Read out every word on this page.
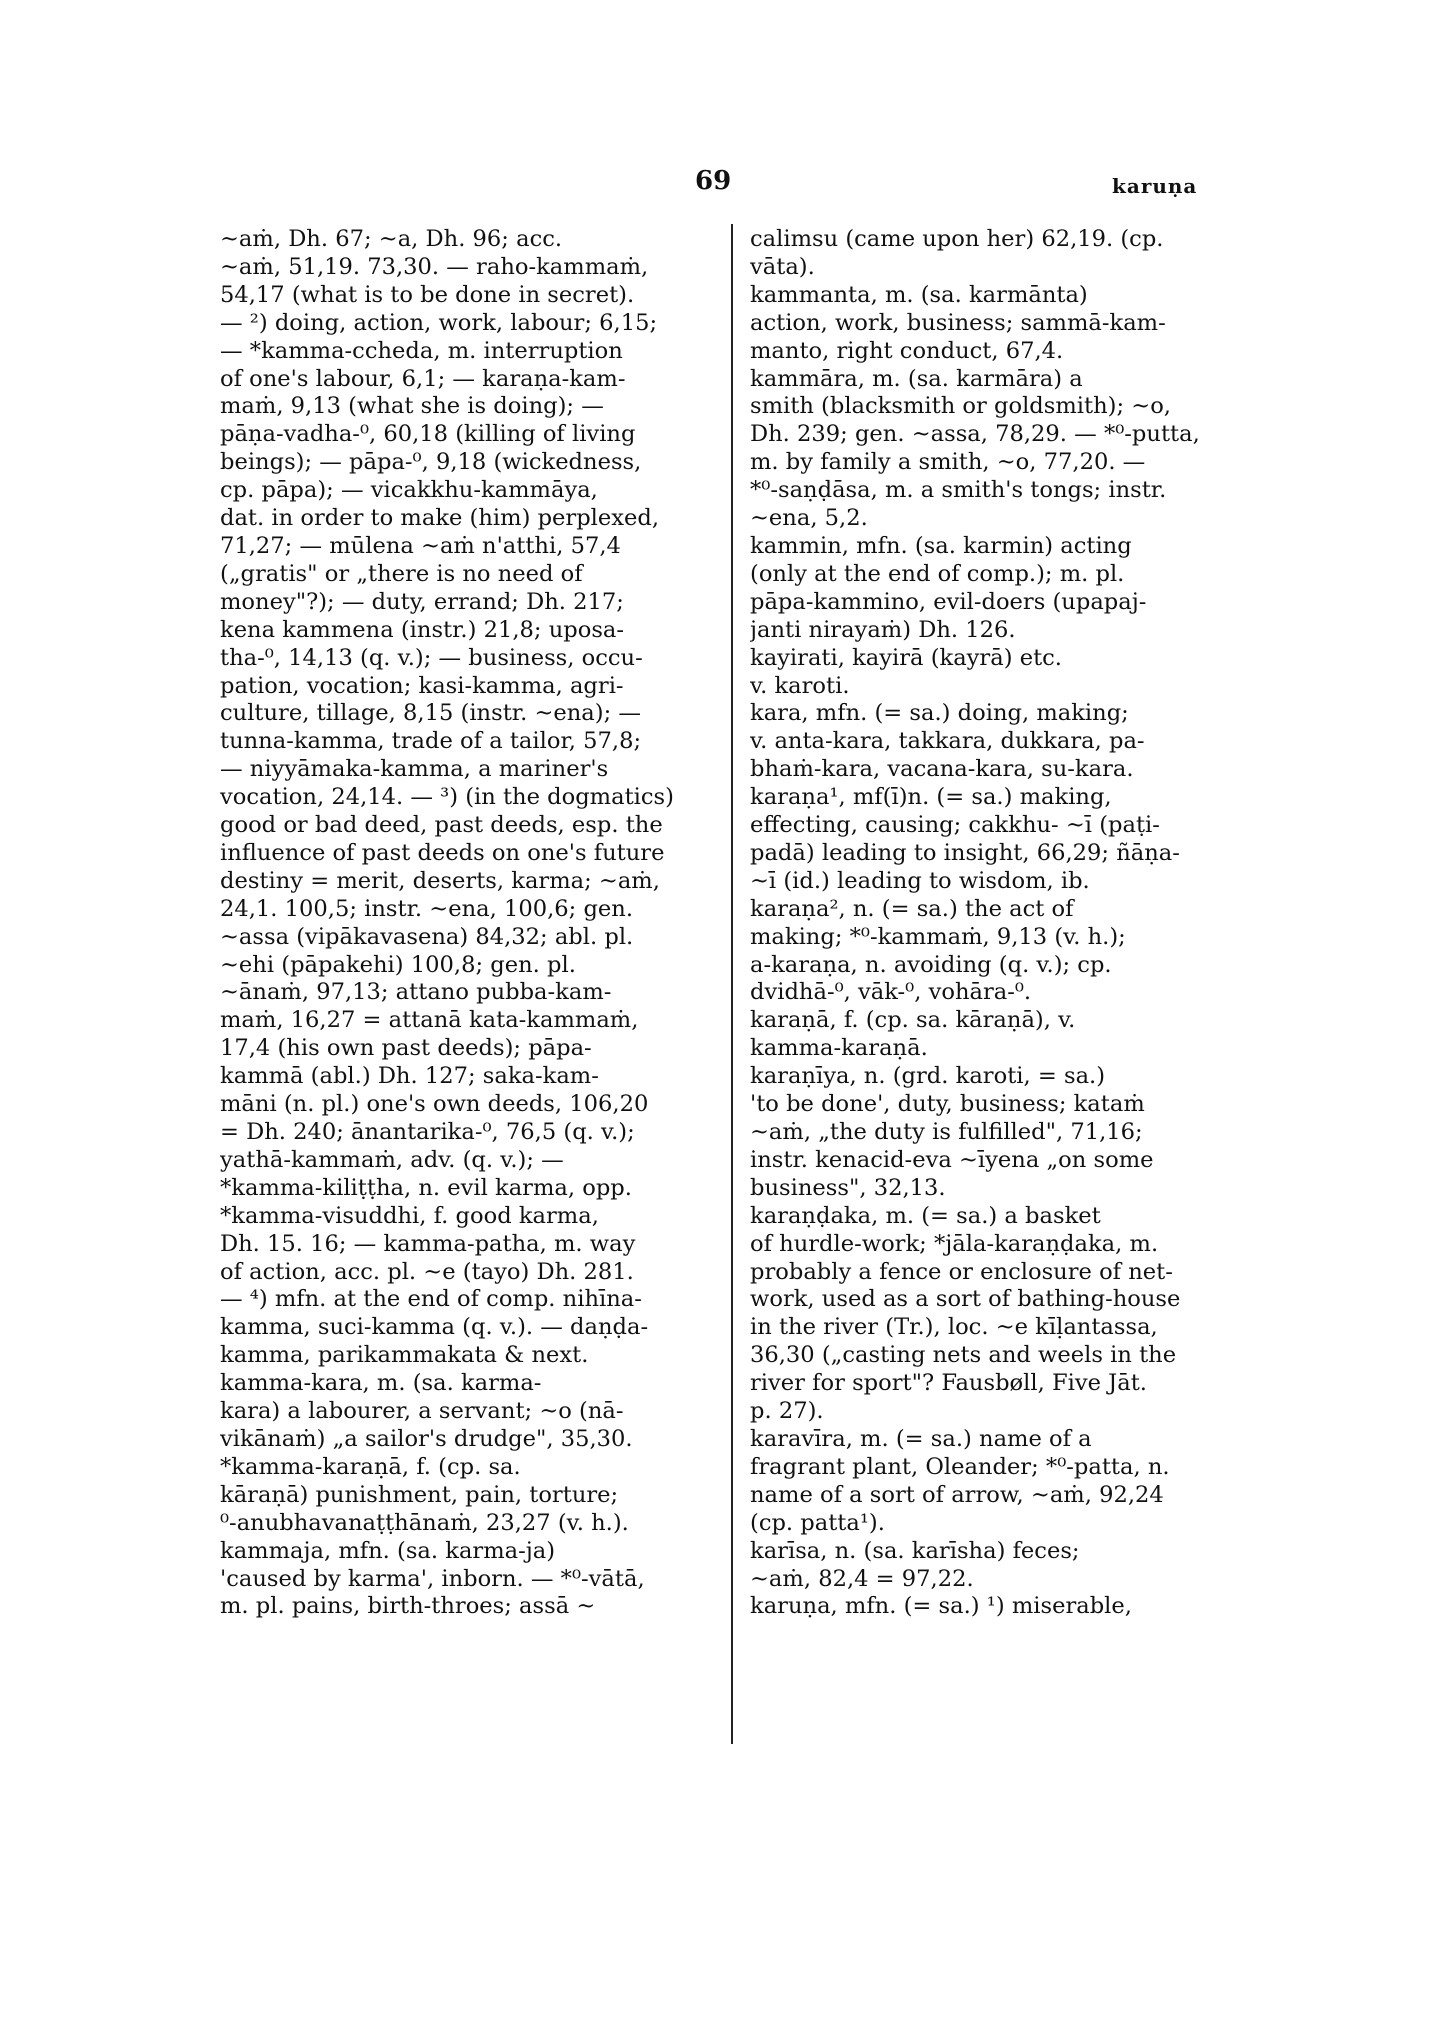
69	karuṇa
~aṁ, Dh. 67; ~a, Dh. 96; acc.
~aṁ, 51,19. 73,30. — raho-kammaṁ,
54,17 (what is to be done in secret).
— ²) doing, action, work, labour; 6,15;
— *kamma-ccheda, m. interruption
of one's labour, 6,1; — karaṇa-kam-
maṁ, 9,13 (what she is doing); —
pāṇa-vadha-⁰, 60,18 (killing of living
beings); — pāpa-⁰, 9,18 (wickedness,
cp. pāpa); — vicakkhu-kammāya,
dat. in order to make (him) perplexed,
71,27; — mūlena ~aṁ n'atthi, 57,4
(„gratis" or „there is no need of
money"?); — duty, errand; Dh. 217;
kena kammena (instr.) 21,8; uposa-
tha-⁰, 14,13 (q. v.); — business, occu-
pation, vocation; kasi-kamma, agri-
culture, tillage, 8,15 (instr. ~ena); —
tunna-kamma, trade of a tailor, 57,8;
— niyyāmaka-kamma, a mariner's
vocation, 24,14. — ³) (in the dogmatics)
good or bad deed, past deeds, esp. the
influence of past deeds on one's future
destiny = merit, deserts, karma; ~aṁ,
24,1. 100,5; instr. ~ena, 100,6; gen.
~assa (vipākavasena) 84,32; abl. pl.
~ehi (pāpakehi) 100,8; gen. pl.
~ānaṁ, 97,13; attano pubba-kam-
maṁ, 16,27 = attanā kata-kammaṁ,
17,4 (his own past deeds); pāpa-
kammā (abl.) Dh. 127; saka-kam-
māni (n. pl.) one's own deeds, 106,20
= Dh. 240; ānantarika-⁰, 76,5 (q. v.);
yathā-kammaṁ, adv. (q. v.); —
*kamma-kiliṭṭha, n. evil karma, opp.
*kamma-visuddhi, f. good karma,
Dh. 15. 16; — kamma-patha, m. way
of action, acc. pl. ~e (tayo) Dh. 281.
— ⁴) mfn. at the end of comp. nihīna-
kamma, suci-kamma (q. v.). — daṇḍa-
kamma, parikammakata & next.
kamma-kara, m. (sa. karma-
kara) a labourer, a servant; ~o (nā-
vikānaṁ) „a sailor's drudge", 35,30.
*kamma-karaṇā, f. (cp. sa.
kāraṇā) punishment, pain, torture;
⁰-anubhavanaṭṭhānaṁ, 23,27 (v. h.).
kammaja, mfn. (sa. karma-ja)
'caused by karma', inborn. — *⁰-vātā,
m. pl. pains, birth-throes; assā ~
calimsu (came upon her) 62,19. (cp.
vāta).
kammanta, m. (sa. karmānta)
action, work, business; sammā-kam-
manto, right conduct, 67,4.
kammāra, m. (sa. karmāra) a
smith (blacksmith or goldsmith); ~o,
Dh. 239; gen. ~assa, 78,29. — *⁰-putta,
m. by family a smith, ~o, 77,20. —
*⁰-saṇḍāsa, m. a smith's tongs; instr.
~ena, 5,2.
kammin, mfn. (sa. karmin) acting
(only at the end of comp.); m. pl.
pāpa-kammino, evil-doers (upapaj-
janti nirayaṁ) Dh. 126.
kayirati, kayirā (kayrā) etc.
v. karoti.
kara, mfn. (= sa.) doing, making;
v. anta-kara, takkara, dukkara, pa-
bhaṁ-kara, vacana-kara, su-kara.
karaṇa¹, mf(ī)n. (= sa.) making,
effecting, causing; cakkhu- ~ī (paṭi-
padā) leading to insight, 66,29; ñāṇa-
~ī (id.) leading to wisdom, ib.
karaṇa², n. (= sa.) the act of
making; *⁰-kammaṁ, 9,13 (v. h.);
a-karaṇa, n. avoiding (q. v.); cp.
dvidhā-⁰, vāk-⁰, vohāra-⁰.
karaṇā, f. (cp. sa. kāraṇā), v.
kamma-karaṇā.
karaṇīya, n. (grd. karoti, = sa.)
'to be done', duty, business; kataṁ
~aṁ, „the duty is fulfilled", 71,16;
instr. kenacid-eva ~īyena „on some
business", 32,13.
karaṇḍaka, m. (= sa.) a basket
of hurdle-work; *jāla-karaṇḍaka, m.
probably a fence or enclosure of net-
work, used as a sort of bathing-house
in the river (Tr.), loc. ~e kīḷantassa,
36,30 („casting nets and weels in the
river for sport"? Fausbøll, Five Jāt.
p. 27).
karavīra, m. (= sa.) name of a
fragrant plant, Oleander; *⁰-patta, n.
name of a sort of arrow, ~aṁ, 92,24
(cp. patta¹).
karīsa, n. (sa. karīsha) feces;
~aṁ, 82,4 = 97,22.
karuṇa, mfn. (= sa.) ¹) miserable,
